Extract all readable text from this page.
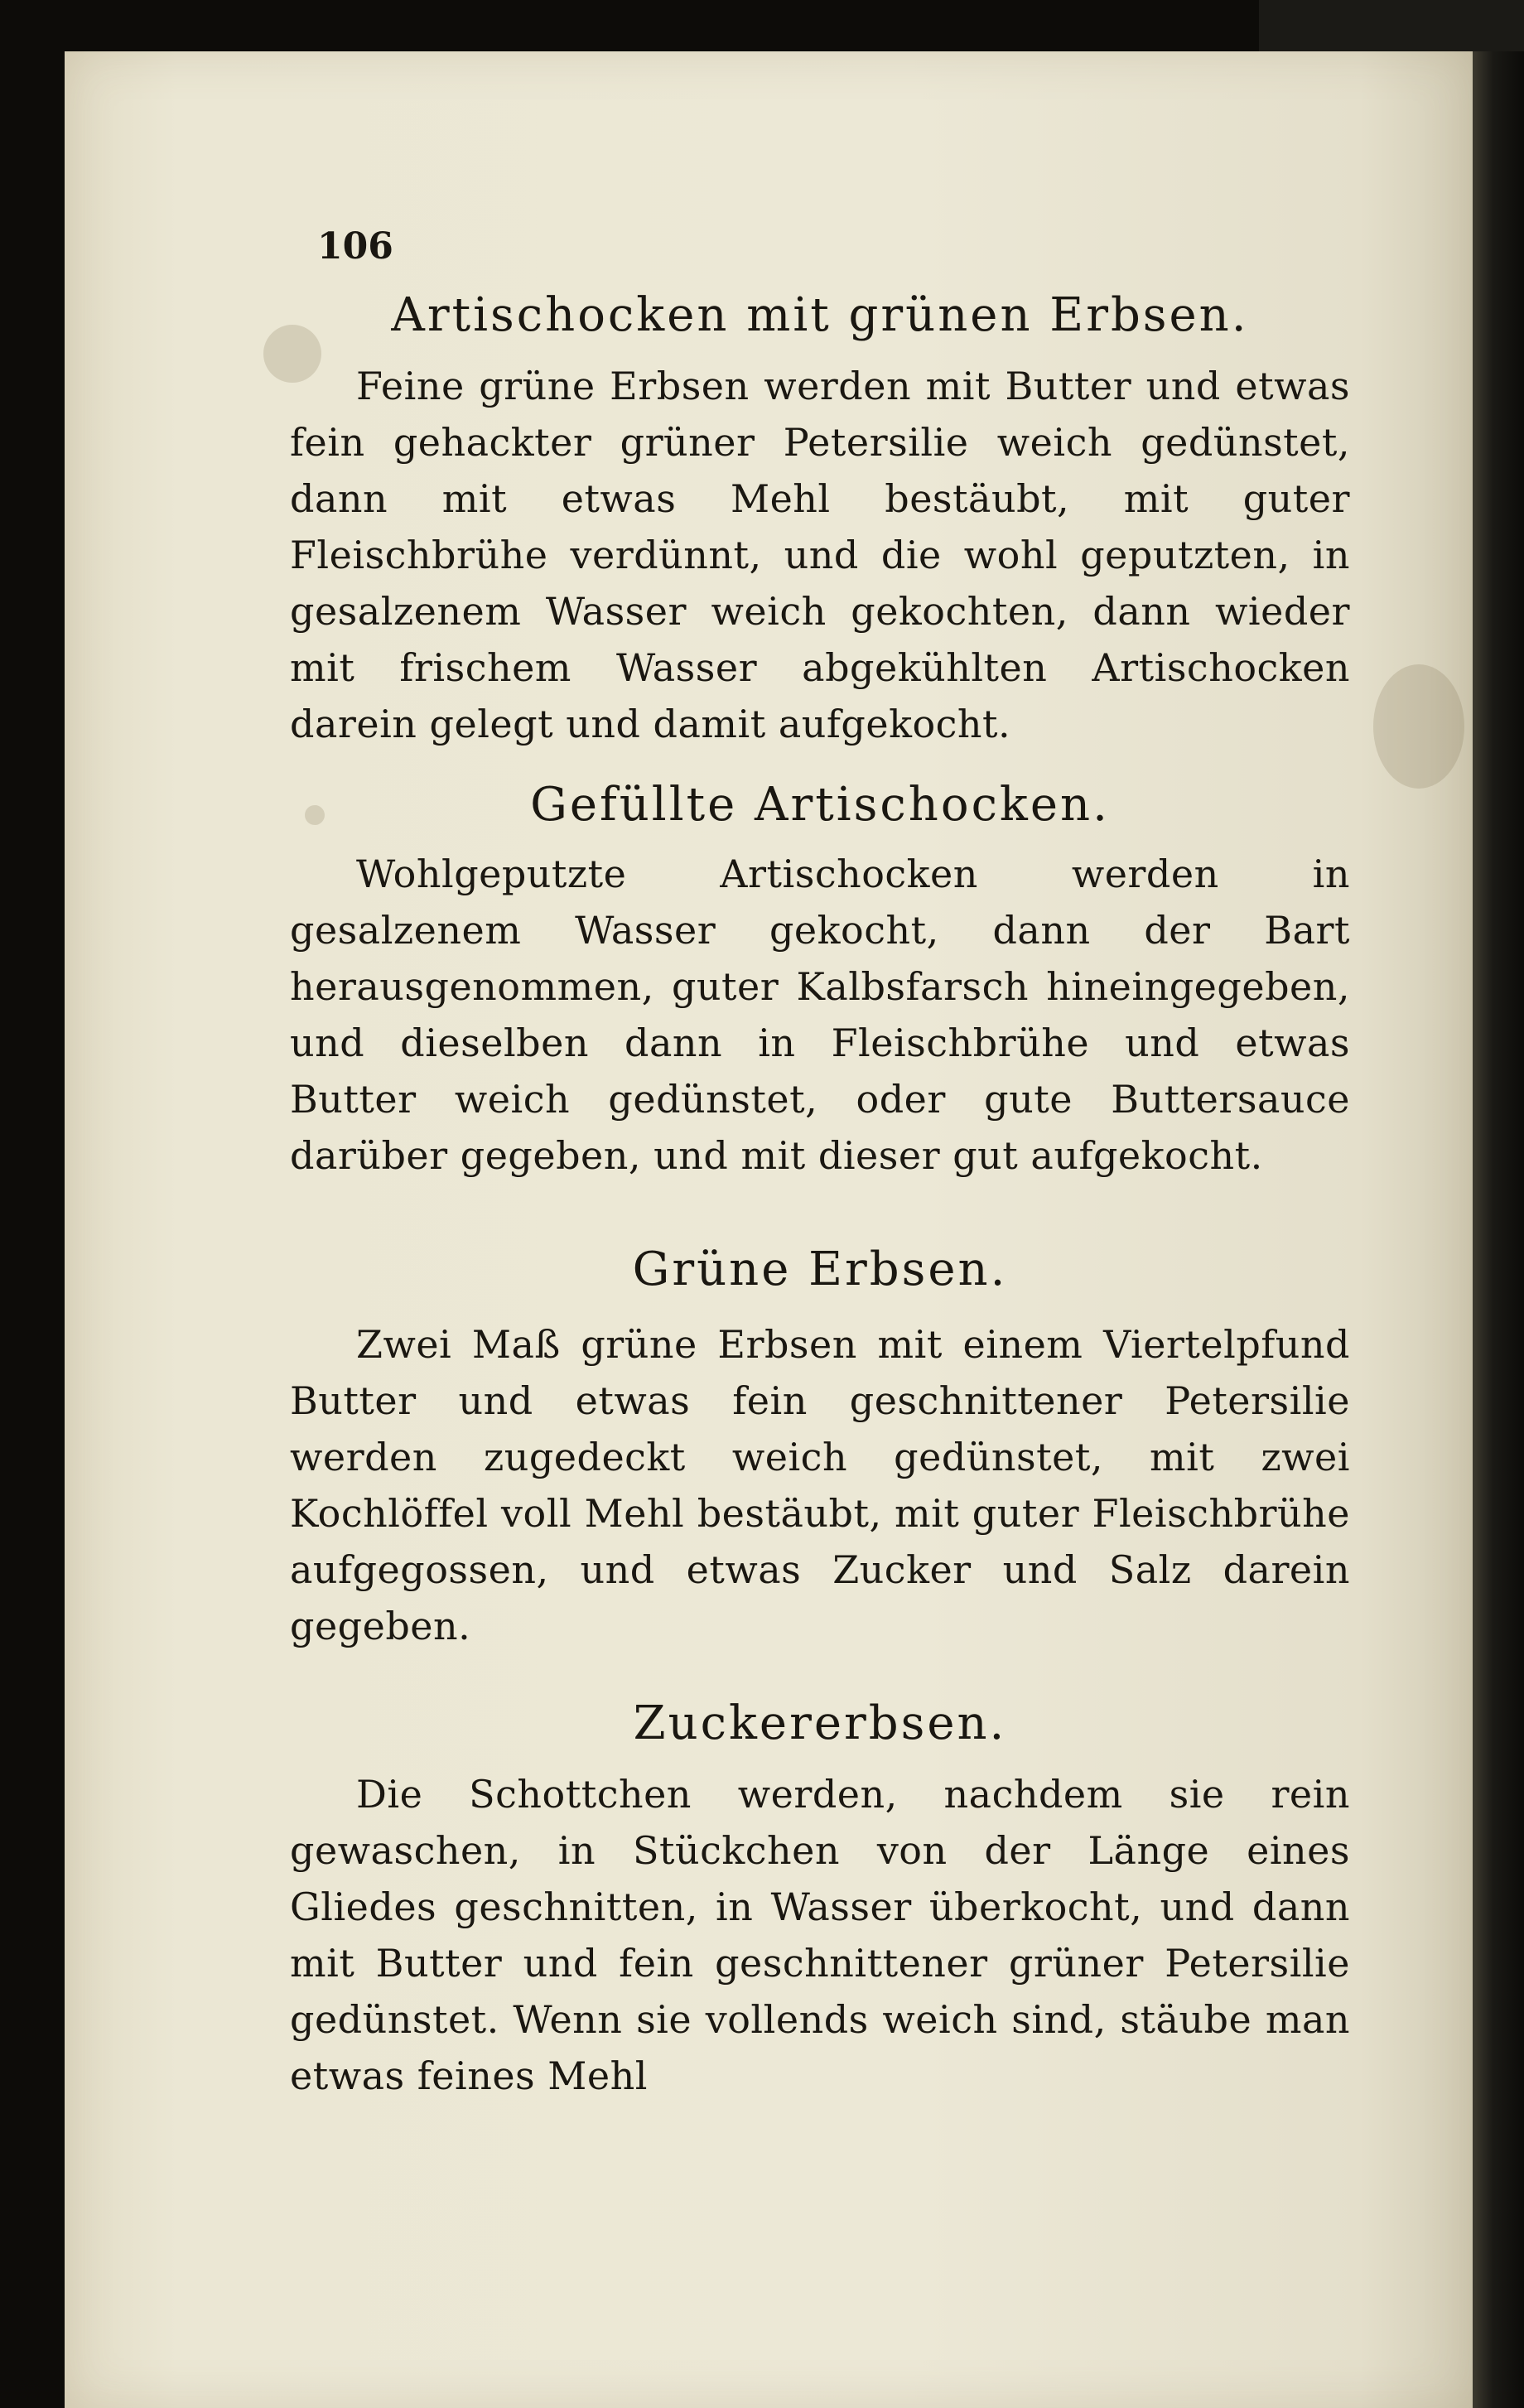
106
Artischocken mit grünen Erbsen.

Feine grüne Erbsen werden mit Butter und etwas fein gehackter grüner Petersilie weich gedünstet, dann mit etwas Mehl bestäubt, mit guter Fleischbrühe verdünnt, und die wohl geputzten, in gesalzenem Wasser weich gekochten, dann wieder mit frischem Wasser abgekühlten Artischocken darein gelegt und damit aufgekocht.

Gefüllte Artischocken.

Wohlgeputzte Artischocken werden in gesalzenem Wasser gekocht, dann der Bart herausgenommen, guter Kalbsfarsch hineingegeben, und dieselben dann in Fleischbrühe und etwas Butter weich gedünstet, oder gute Buttersauce darüber gegeben, und mit dieser gut aufgekocht.

Grüne Erbsen.

Zwei Maß grüne Erbsen mit einem Viertelpfund Butter und etwas fein geschnittener Petersilie werden zugedeckt weich gedünstet, mit zwei Kochlöffel voll Mehl bestäubt, mit guter Fleischbrühe aufgegossen, und etwas Zucker und Salz darein gegeben.

Zuckererbsen.

Die Schottchen werden, nachdem sie rein gewaschen, in Stückchen von der Länge eines Gliedes geschnitten, in Wasser überkocht, und dann mit Butter und fein geschnittener grüner Petersilie gedünstet. Wenn sie vollends weich sind, stäube man etwas feines Mehl
